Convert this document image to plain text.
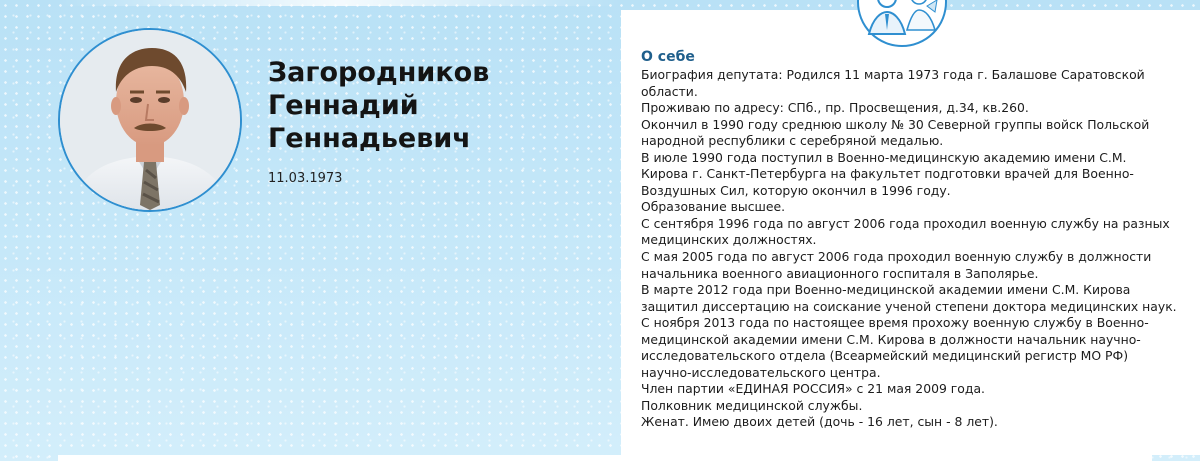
Загородников
Геннадий
Геннадьевич
11.03.1973
О себе
Биография депутата: Родился 11 марта 1973 года г. Балашове Саратовской
области.
Проживаю по адресу: СПб., пр. Просвещения, д.34, кв.260.
Окончил в 1990 году среднюю школу № 30 Северной группы войск Польской
народной республики с серебряной медалью.
В июле 1990 года поступил в Военно-медицинскую академию имени С.М.
Кирова г. Санкт-Петербурга на факультет подготовки врачей для Военно-
Воздушных Сил, которую окончил в 1996 году.
Образование высшее.
С сентября 1996 года по август 2006 года проходил военную службу на разных
медицинских должностях.
С мая 2005 года по август 2006 года проходил военную службу в должности
начальника военного авиационного госпиталя в Заполярье.
В марте 2012 года при Военно-медицинской академии имени С.М. Кирова
защитил диссертацию на соискание ученой степени доктора медицинских наук.
С ноября 2013 года по настоящее время прохожу военную службу в Военно-
медицинской академии имени С.М. Кирова в должности начальник научно-
исследовательского отдела (Всеармейский медицинский регистр МО РФ)
научно-исследовательского центра.
Член партии «ЕДИНАЯ РОССИЯ» с 21 мая 2009 года.
Полковник медицинской службы.
Женат. Имею двоих детей (дочь - 16 лет, сын - 8 лет).
